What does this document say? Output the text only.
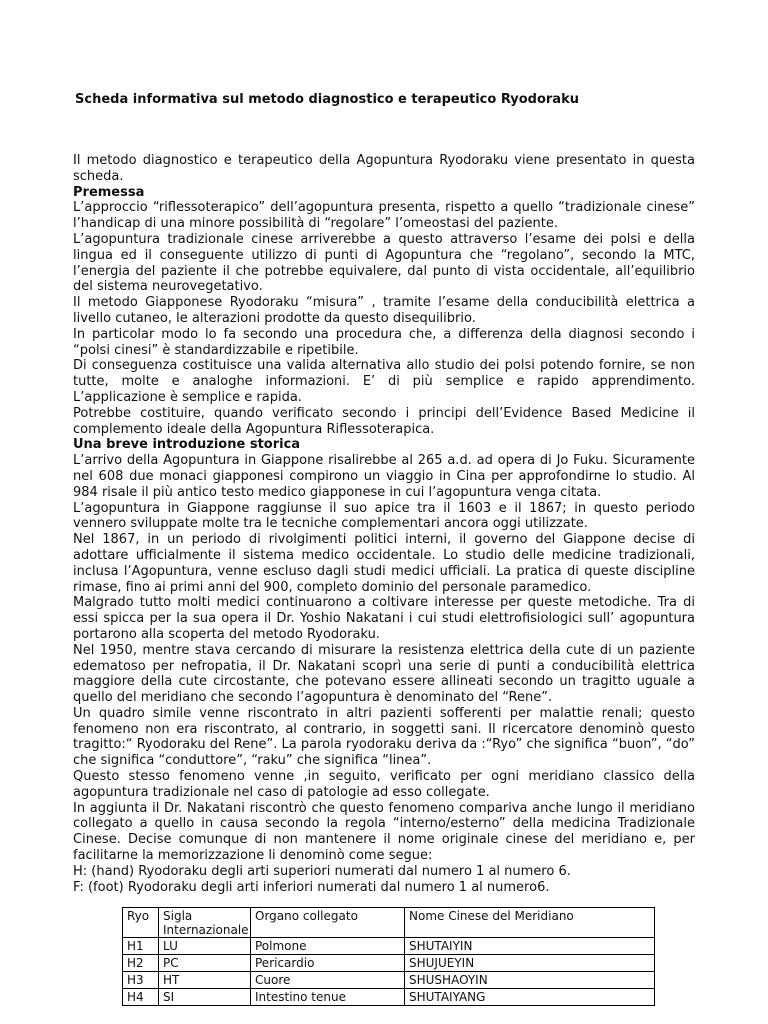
Scheda informativa sul metodo diagnostico e terapeutico Ryodoraku

Il metodo diagnostico e terapeutico della Agopuntura Ryodoraku viene presentato in questa scheda.

Premessa

L’approccio “riflessoterapico” dell’agopuntura presenta, rispetto a quello “tradizionale cinese” l’handicap di una minore possibilità di “regolare” l’omeostasi del paziente.

L’agopuntura tradizionale cinese arriverebbe a questo attraverso l’esame dei polsi e della lingua ed il conseguente utilizzo di punti di Agopuntura che “regolano”, secondo la MTC, l’energia del paziente il che potrebbe equivalere, dal punto di vista occidentale, all’equilibrio del sistema neurovegetativo.

Il metodo Giapponese Ryodoraku “misura” , tramite l’esame della conducibilità elettrica a livello cutaneo, le alterazioni prodotte da questo disequilibrio.

In particolar modo lo fa secondo una procedura che, a differenza della diagnosi secondo i “polsi cinesi” è standardizzabile e ripetibile.

Di conseguenza costituisce una valida alternativa allo studio dei polsi potendo fornire, se non tutte, molte e analoghe informazioni. E’ di più semplice e rapido apprendimento. L’applicazione è semplice e rapida.

Potrebbe costituire, quando verificato secondo i principi dell’Evidence Based Medicine il complemento ideale della Agopuntura Riflessoterapica.

Una breve introduzione storica

L’arrivo della Agopuntura in Giappone risalirebbe al 265 a.d. ad opera di Jo Fuku. Sicuramente nel 608 due monaci giapponesi compirono un viaggio in Cina per approfondirne lo studio. Al 984 risale il più antico testo medico giapponese in cui l’agopuntura venga citata.

L’agopuntura in Giappone raggiunse il suo apice tra il 1603 e il 1867; in questo periodo vennero sviluppate molte tra le tecniche complementari ancora oggi utilizzate.

Nel 1867, in un periodo di rivolgimenti politici interni, il governo del Giappone decise di adottare ufficialmente il sistema medico occidentale. Lo studio delle medicine tradizionali, inclusa l’Agopuntura, venne escluso dagli studi medici ufficiali. La pratica di queste discipline rimase, fino ai primi anni del 900, completo dominio del personale paramedico.

Malgrado tutto molti medici continuarono a coltivare interesse per queste metodiche. Tra di essi spicca per la sua opera il Dr. Yoshio Nakatani i cui studi elettrofisiologici sull’ agopuntura portarono alla scoperta del metodo Ryodoraku.

Nel 1950, mentre stava cercando di misurare la resistenza elettrica della cute di un paziente edematoso per nefropatia, il Dr. Nakatani scoprì una serie di punti a conducibilità elettrica maggiore della cute circostante, che potevano essere allineati secondo un tragitto uguale a quello del meridiano che secondo l’agopuntura è denominato del “Rene”.

Un quadro simile venne riscontrato in altri pazienti sofferenti per malattie renali; questo fenomeno non era riscontrato, al contrario, in soggetti sani. Il ricercatore denominò questo tragitto:“ Ryodoraku del Rene”. La parola ryodoraku deriva da :“Ryo” che significa “buon”, “do” che significa “conduttore”, “raku” che significa “linea”.

Questo stesso fenomeno venne ,in seguito, verificato per ogni meridiano classico della agopuntura tradizionale nel caso di patologie ad esso collegate.

In aggiunta il Dr. Nakatani riscontrò che questo fenomeno compariva anche lungo il meridiano collegato a quello in causa secondo la regola “interno/esterno” della medicina Tradizionale Cinese. Decise comunque di non mantenere il nome originale cinese del meridiano e, per facilitarne la memorizzazione li denominò come segue:

H: (hand) Ryodoraku degli arti superiori numerati dal numero 1 al numero 6.

F: (foot) Ryodoraku degli arti inferiori numerati dal numero 1 al numero6.

Ryo	Sigla Internazionale	Organo collegato	Nome Cinese del Meridiano
H1	LU	Polmone	SHUTAIYIN
H2	PC	Pericardio	SHUJUEYIN
H3	HT	Cuore	SHUSHAOYIN
H4	SI	Intestino tenue	SHUTAIYANG
